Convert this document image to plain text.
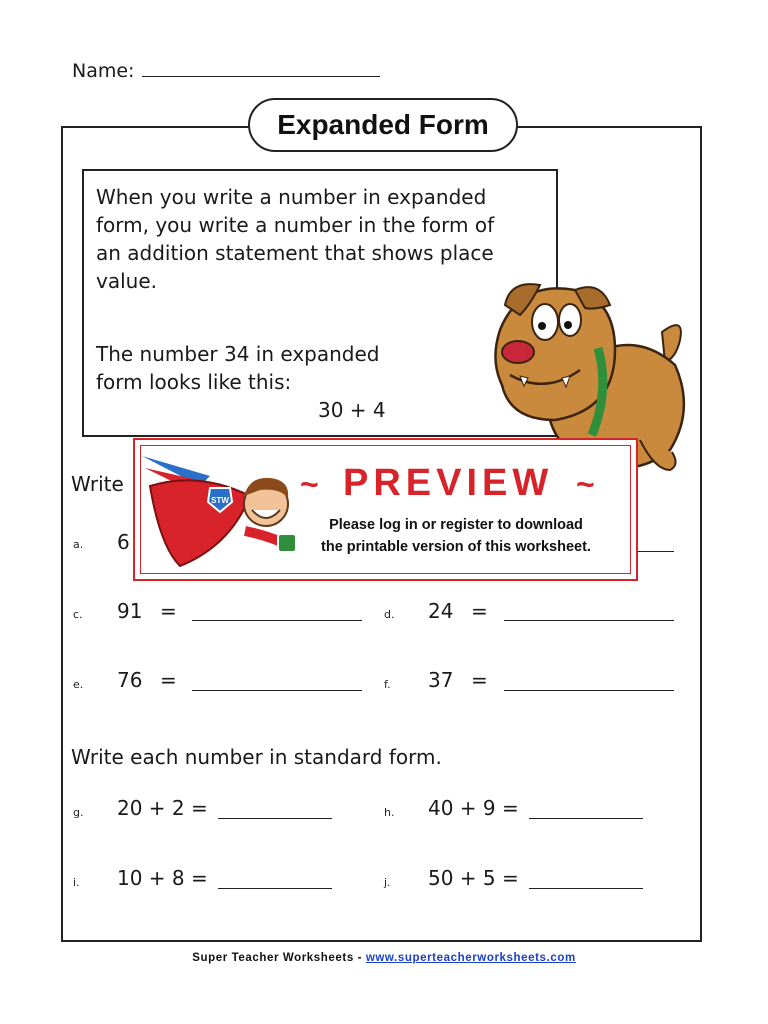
Name:
Expanded Form
When you write a number in expanded
form, you write a number in the form of
an addition statement that shows place
value.
The number 34 in expanded
form looks like this:
30 + 4
Write
a. 6
c. 91 =	d. 24 =
e. 76 =	f. 37 =
Write each number in standard form.
g. 20 + 2 =	h. 40 + 9 =
i. 10 + 8 =	j. 50 + 5 =
STW ~ PREVIEW ~
Please log in or register to download
the printable version of this worksheet.
Super Teacher Worksheets - www.superteacherworksheets.com
